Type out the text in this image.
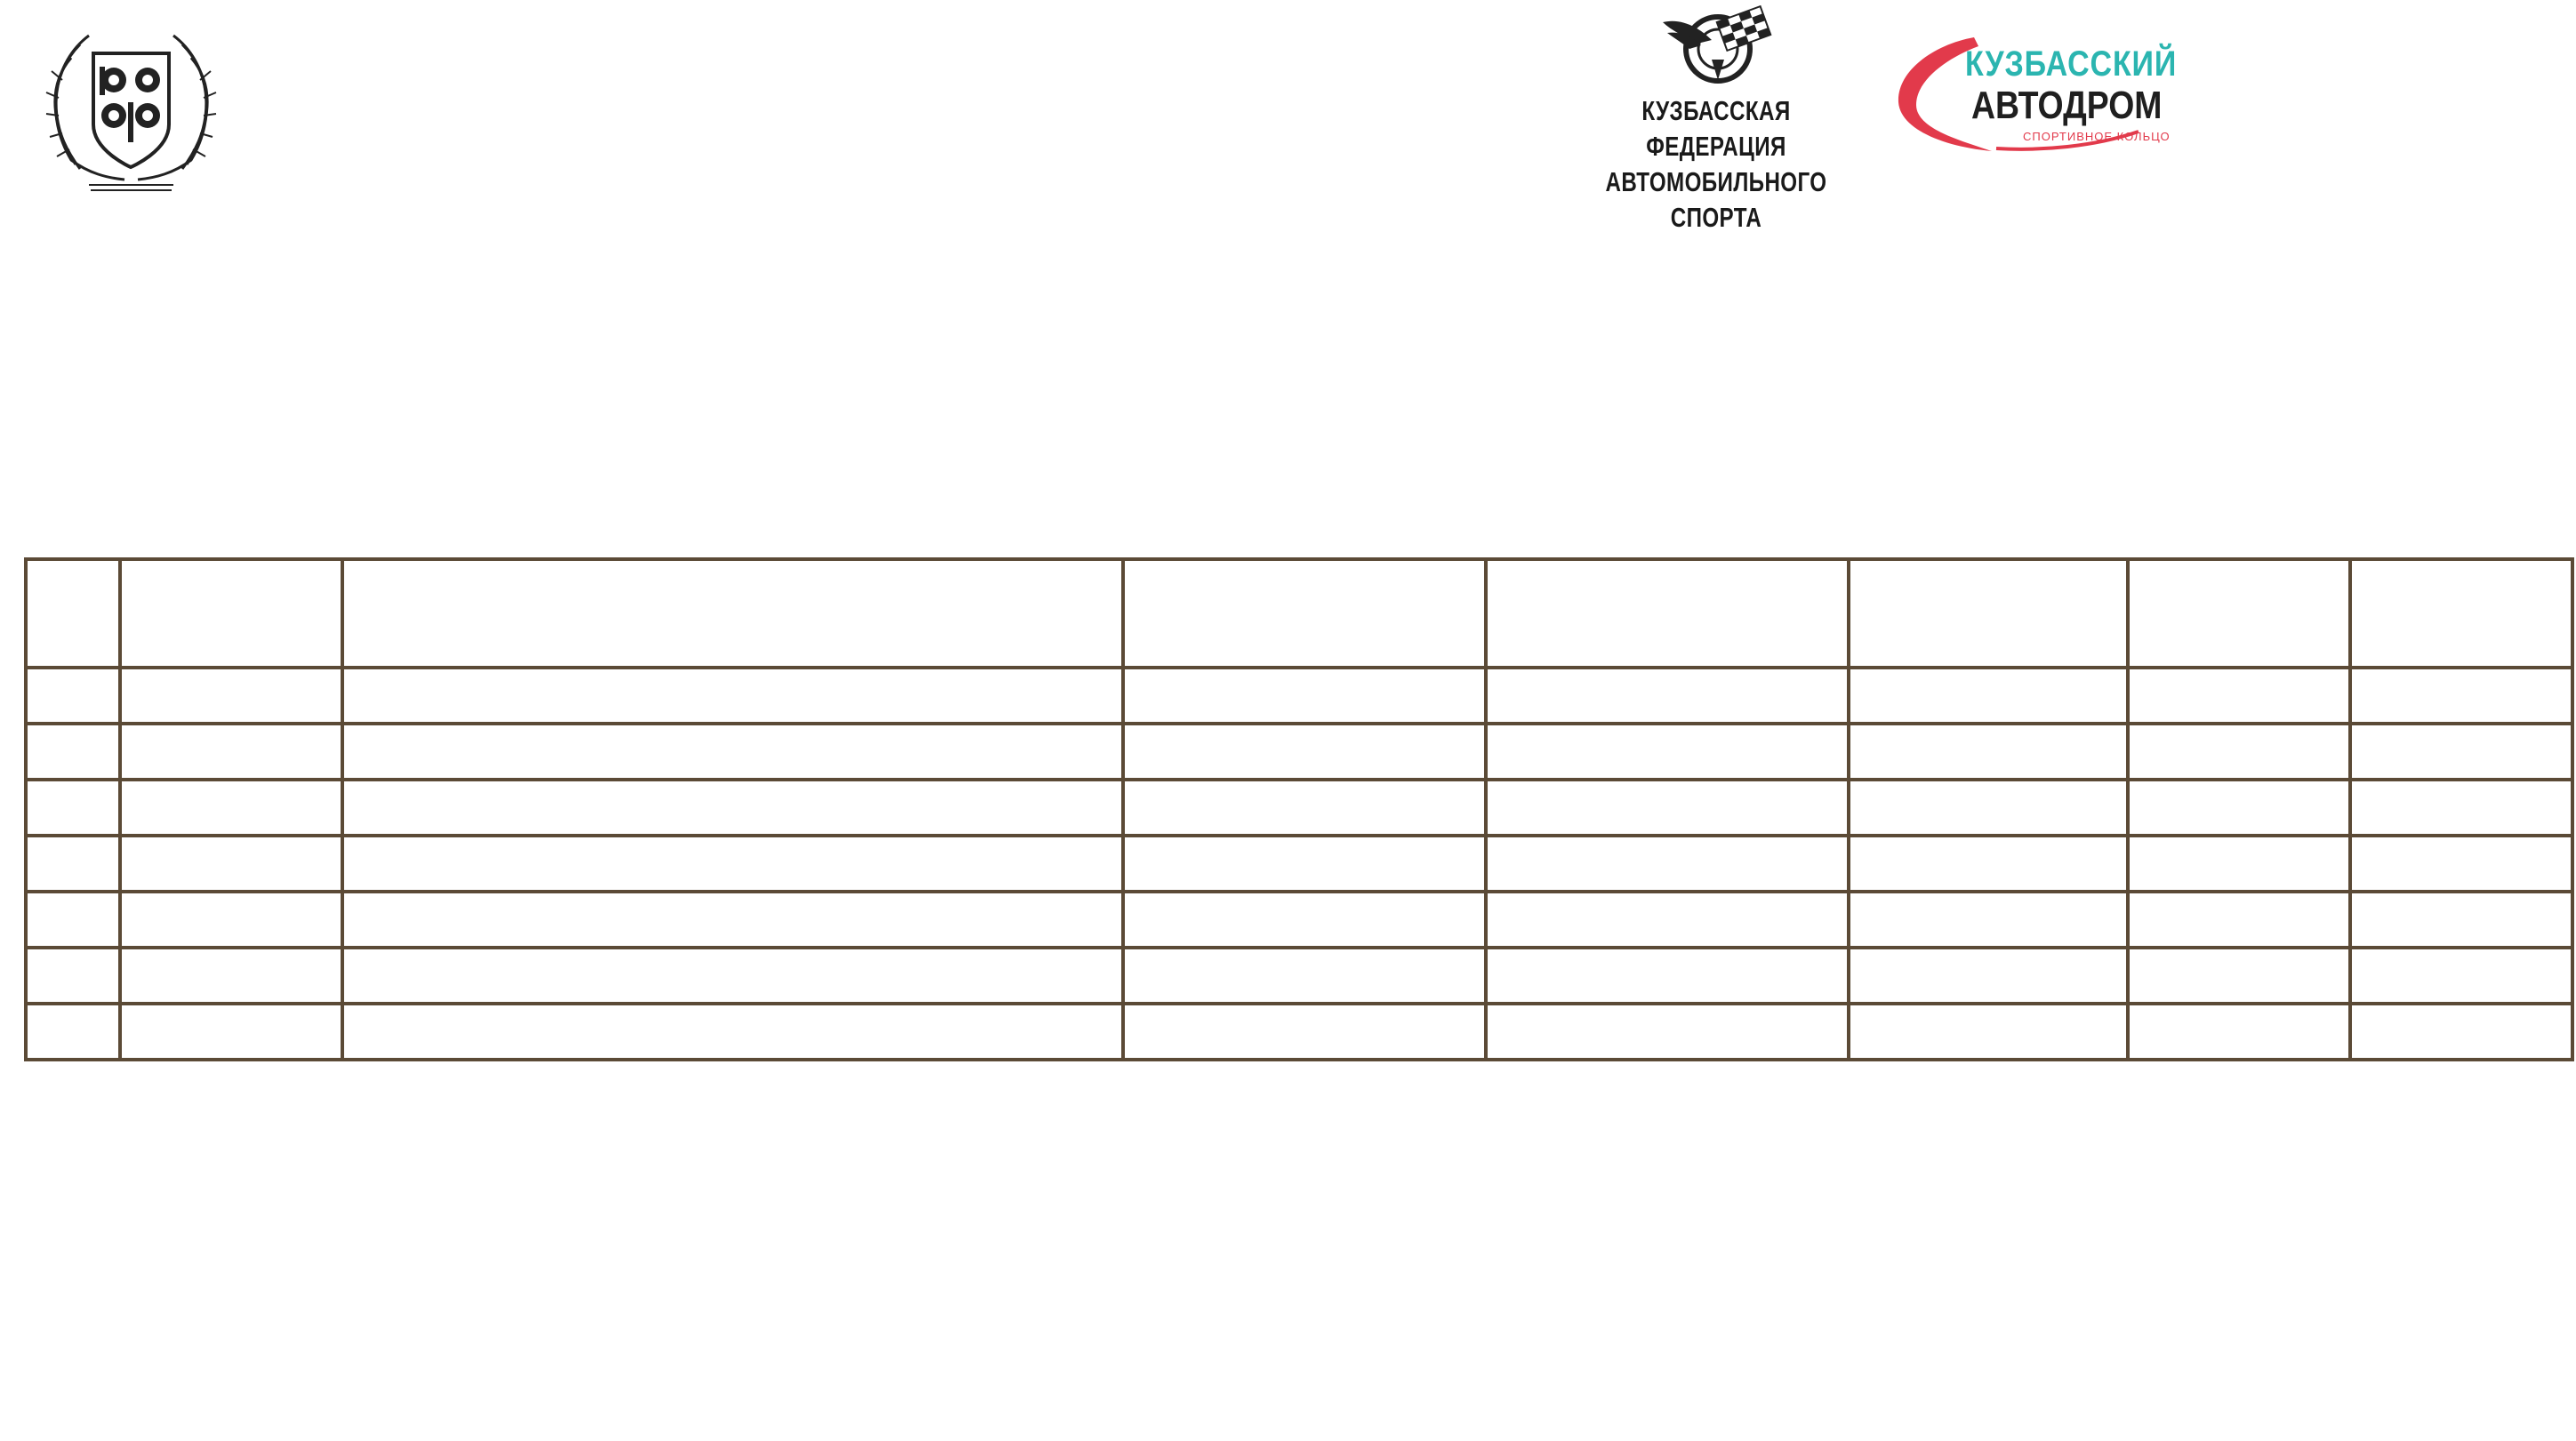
КУЗБАССКАЯ ФЕДЕРАЦИЯ
АВТОМОБИЛЬНОГО СПОРТА
КУЗБАССКИЙ
АВТОДРОМ
СПОРТИВНОЕ КОЛЬЦО
